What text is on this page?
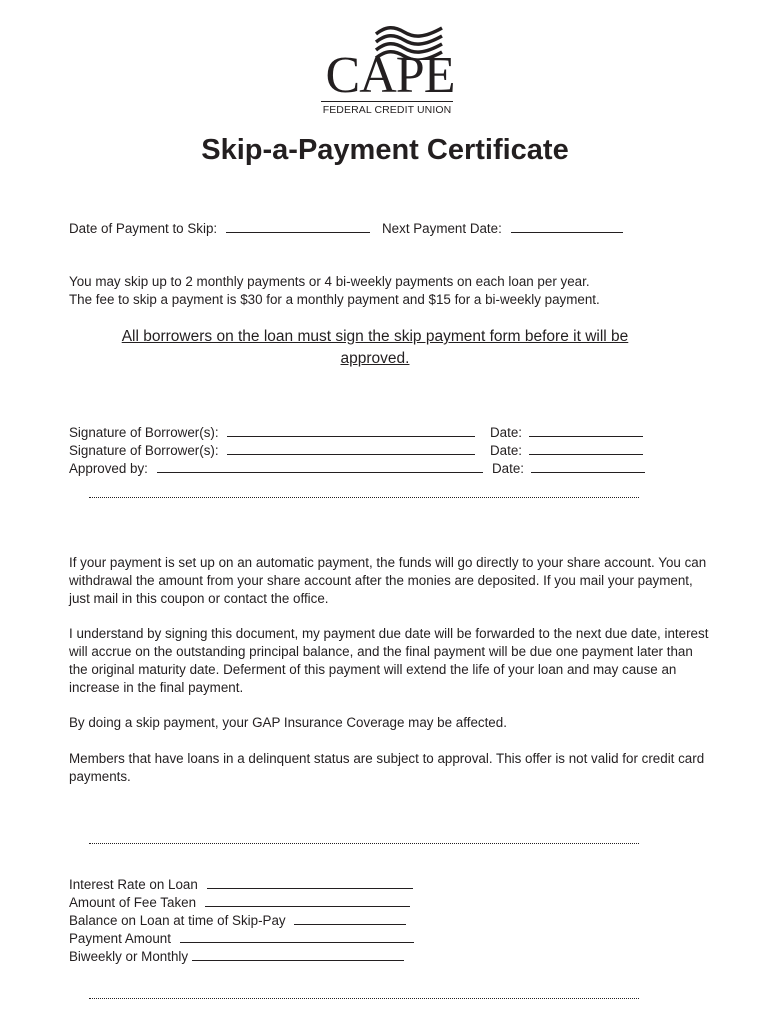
CAPE
FEDERAL CREDIT UNION
Skip-a-Payment Certificate
Date of Payment to Skip:	Next Payment Date:
You may skip up to 2 monthly payments or 4 bi-weekly payments on each loan per year.
The fee to skip a payment is $30 for a monthly payment and $15 for a bi-weekly payment.
All borrowers on the loan must sign the skip payment form before it will be approved.
Signature of Borrower(s):	Date:
Signature of Borrower(s):	Date:
Approved by:	Date:
If your payment is set up on an automatic payment, the funds will go directly to your share account. You can withdrawal the amount from your share account after the monies are deposited. If you mail your payment, just mail in this coupon or contact the office.
I understand by signing this document, my payment due date will be forwarded to the next due date, interest will accrue on the outstanding principal balance, and the final payment will be due one payment later than the original maturity date. Deferment of this payment will extend the life of your loan and may cause an increase in the final payment.
By doing a skip payment, your GAP Insurance Coverage may be affected.
Members that have loans in a delinquent status are subject to approval. This offer is not valid for credit card payments.
Interest Rate on Loan
Amount of Fee Taken
Balance on Loan at time of Skip-Pay
Payment Amount
Biweekly or Monthly
